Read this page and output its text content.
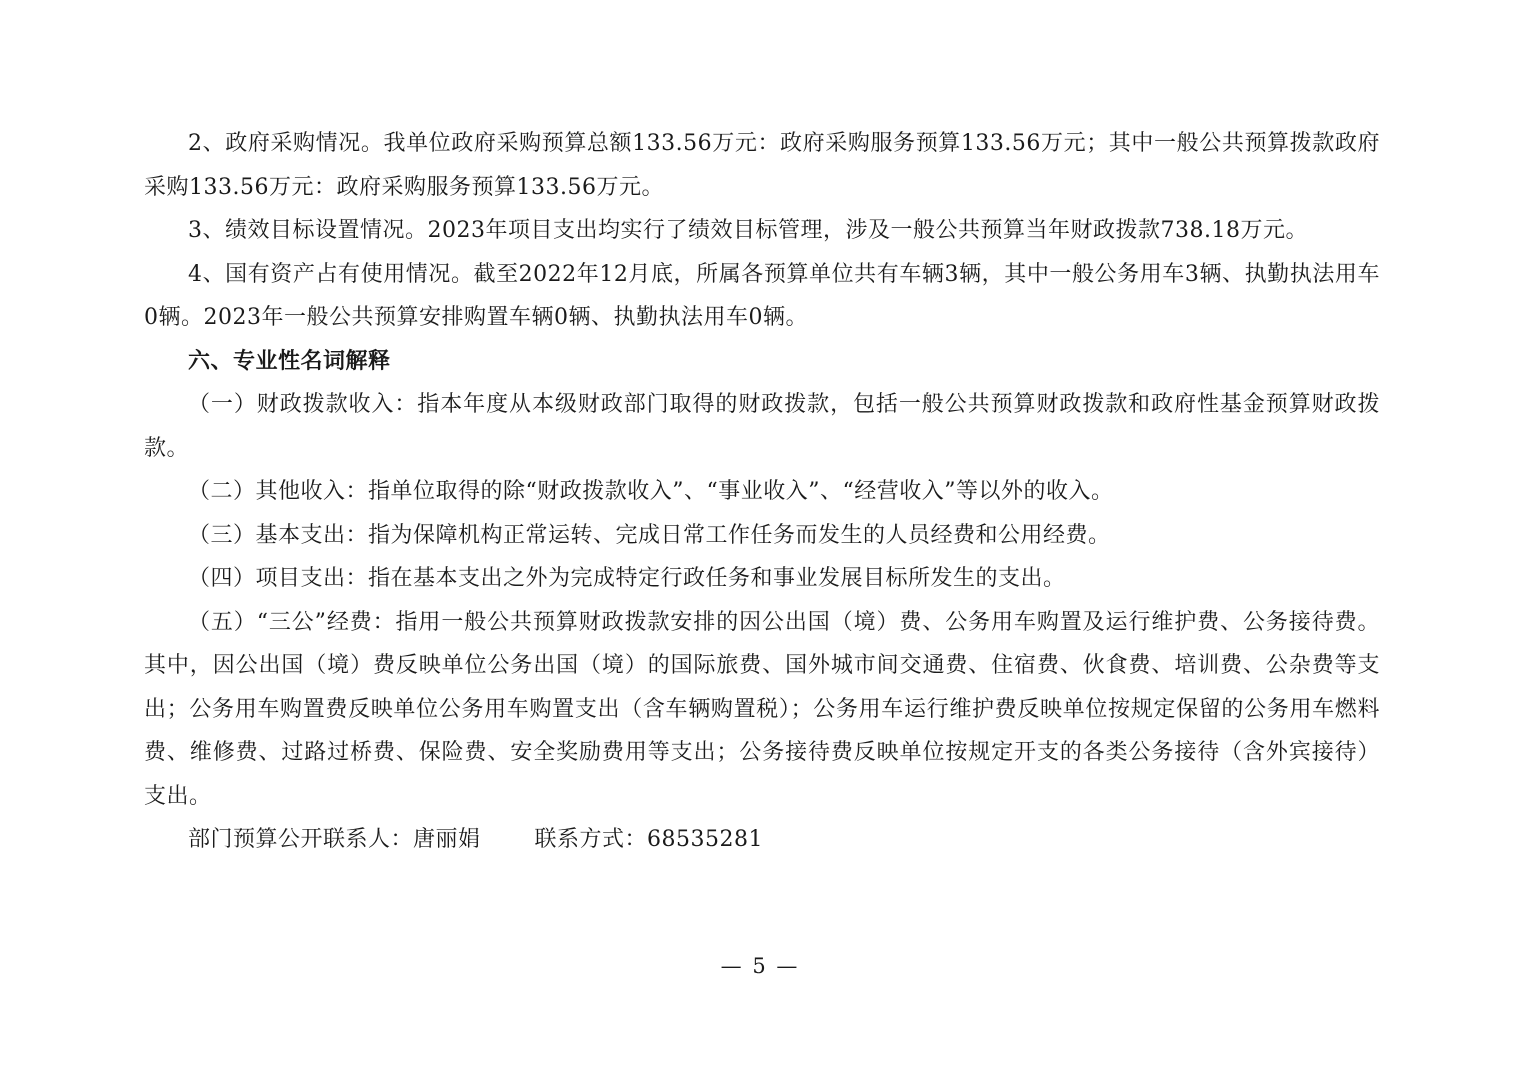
2、政府采购情况。我单位政府采购预算总额133.56万元：政府采购服务预算133.56万元；其中一般公共预算拨款政府采购133.56万元：政府采购服务预算133.56万元。

3、绩效目标设置情况。2023年项目支出均实行了绩效目标管理，涉及一般公共预算当年财政拨款738.18万元。

4、国有资产占有使用情况。截至2022年12月底，所属各预算单位共有车辆3辆，其中一般公务用车3辆、执勤执法用车0辆。2023年一般公共预算安排购置车辆0辆、执勤执法用车0辆。

六、专业性名词解释

（一）财政拨款收入：指本年度从本级财政部门取得的财政拨款，包括一般公共预算财政拨款和政府性基金预算财政拨款。

（二）其他收入：指单位取得的除“财政拨款收入”、“事业收入”、“经营收入”等以外的收入。

（三）基本支出：指为保障机构正常运转、完成日常工作任务而发生的人员经费和公用经费。

（四）项目支出：指在基本支出之外为完成特定行政任务和事业发展目标所发生的支出。

（五）“三公”经费：指用一般公共预算财政拨款安排的因公出国（境）费、公务用车购置及运行维护费、公务接待费。其中，因公出国（境）费反映单位公务出国（境）的国际旅费、国外城市间交通费、住宿费、伙食费、培训费、公杂费等支出；公务用车购置费反映单位公务用车购置支出（含车辆购置税）；公务用车运行维护费反映单位按规定保留的公务用车燃料费、维修费、过路过桥费、保险费、安全奖励费用等支出；公务接待费反映单位按规定开支的各类公务接待（含外宾接待）支出。

部门预算公开联系人：唐丽娟 联系方式：68535281

— 5 —
